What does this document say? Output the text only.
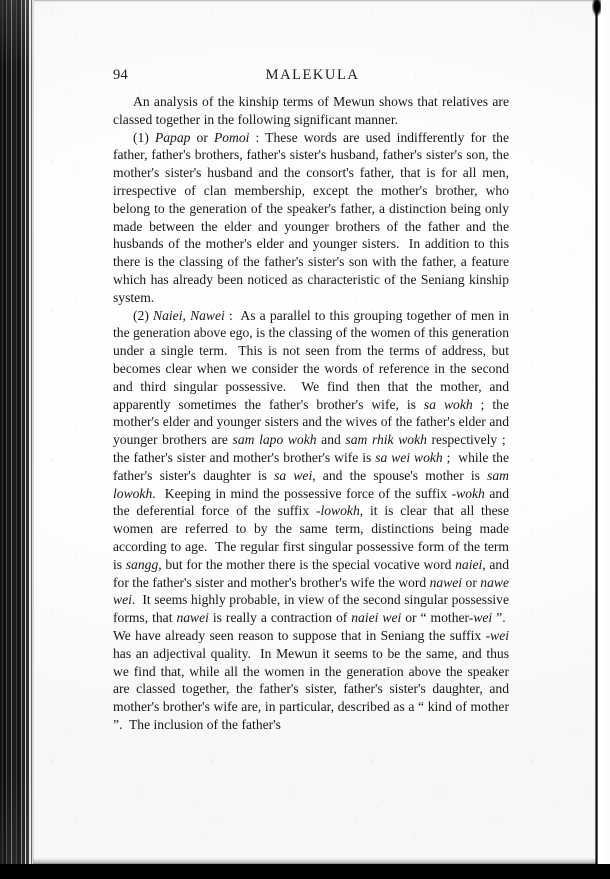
94	MALEKULA

An analysis of the kinship terms of Mewun shows that relatives are classed together in the following significant manner.

(1) Papap or Pomoi : These words are used indifferently for the father, father's brothers, father's sister's husband, father's sister's son, the mother's sister's husband and the consort's father, that is for all men, irrespective of clan membership, except the mother's brother, who belong to the generation of the speaker's father, a distinction being only made between the elder and younger brothers of the father and the husbands of the mother's elder and younger sisters.  In addition to this there is the classing of the father's sister's son with the father, a feature which has already been noticed as characteristic of the Seniang kinship system.

(2) Naiei, Nawei :  As a parallel to this grouping together of men in the generation above ego, is the classing of the women of this generation under a single term.  This is not seen from the terms of address, but becomes clear when we consider the words of reference in the second and third singular possessive.  We find then that the mother, and apparently sometimes the father's brother's wife, is sa wokh ; the mother's elder and younger sisters and the wives of the father's elder and younger brothers are sam lapo wokh and sam rhik wokh respectively ;  the father's sister and mother's brother's wife is sa wei wokh ;  while the father's sister's daughter is sa wei, and the spouse's mother is sam lowokh.  Keeping in mind the possessive force of the suffix -wokh and the deferential force of the suffix -lowokh, it is clear that all these women are referred to by the same term, distinctions being made according to age.  The regular first singular possessive form of the term is sangg, but for the mother there is the special vocative word naiei, and for the father's sister and mother's brother's wife the word nawei or nawe wei.  It seems highly probable, in view of the second singular possessive forms, that nawei is really a contraction of naiei wei or “ mother-wei ”.  We have already seen reason to suppose that in Seniang the suffix -wei has an adjectival quality.  In Mewun it seems to be the same, and thus we find that, while all the women in the generation above the speaker are classed together, the father's sister, father's sister's daughter, and mother's brother's wife are, in particular, described as a “ kind of mother ”.  The inclusion of the father's
